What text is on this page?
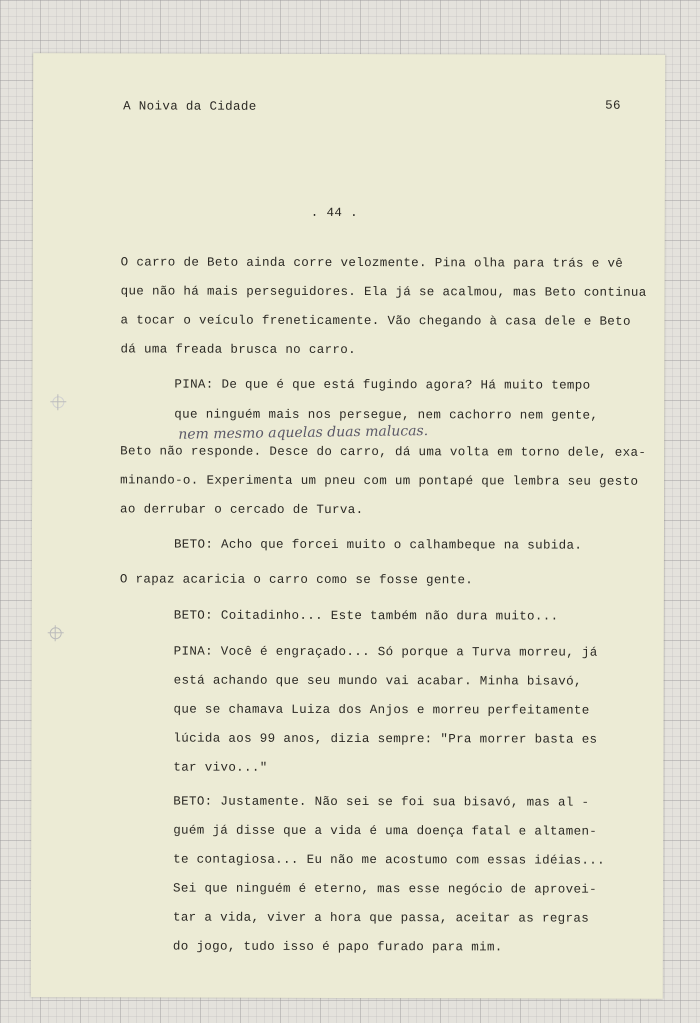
A Noiva da Cidade	56
. 44 .
O carro de Beto ainda corre velozmente. Pina olha para trás e vê
que não há mais perseguidores. Ela já se acalmou, mas Beto continua
a tocar o veículo freneticamente. Vão chegando à casa dele e Beto
dá uma freada brusca no carro.
PINA: De que é que está fugindo agora? Há muito tempo
que ninguém mais nos persegue, nem cachorro nem gente,
nem mesmo aquelas duas malucas.
Beto não responde. Desce do carro, dá uma volta em torno dele, exa-
minando-o. Experimenta um pneu com um pontapé que lembra seu gesto
ao derrubar o cercado de Turva.
BETO: Acho que forcei muito o calhambeque na subida.
O rapaz acaricia o carro como se fosse gente.
BETO: Coitadinho... Este também não dura muito...
PINA: Você é engraçado... Só porque a Turva morreu, já
está achando que seu mundo vai acabar. Minha bisavó,
que se chamava Luiza dos Anjos e morreu perfeitamente
lúcida aos 99 anos, dizia sempre: "Pra morrer basta es
tar vivo..."
BETO: Justamente. Não sei se foi sua bisavó, mas al -
guém já disse que a vida é uma doença fatal e altamen-
te contagiosa... Eu não me acostumo com essas idéias...
Sei que ninguém é eterno, mas esse negócio de aprovei-
tar a vida, viver a hora que passa, aceitar as regras
do jogo, tudo isso é papo furado para mim.
